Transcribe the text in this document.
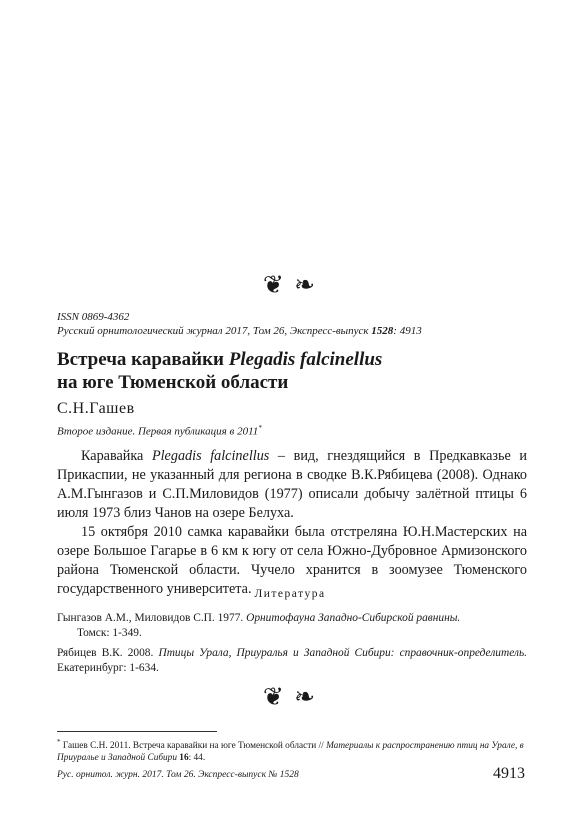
❦ ❧
ISSN 0869-4362
Русский орнитологический журнал 2017, Том 26, Экспресс-выпуск 1528: 4913
Встреча каравайки Plegadis falcinellus
на юге Тюменской области
С.Н.Гашев
Второе издание. Первая публикация в 2011*

Каравайка Plegadis falcinellus – вид, гнездящийся в Предкавказье и Прикаспии, не указанный для региона в сводке В.К.Рябицева (2008). Однако А.М.Гынгазов и С.П.Миловидов (1977) описали добычу залётной птицы 6 июля 1973 близ Чанов на озере Белуха.

15 октября 2010 самка каравайки была отстреляна Ю.Н.Мастерских на озере Большое Гагарье в 6 км к югу от села Южно-Дубровное Армизонского района Тюменской области. Чучело хранится в зоомузее Тюменского государственного университета. Литература

Гынгазов А.М., Миловидов С.П. 1977. Орнитофауна Западно-Сибирской равнины.
Томск: 1-349.

Рябицев В.К. 2008. Птицы Урала, Приуралья и Западной Сибири: справочник-определитель. Екатеринбург: 1-634.

❦ ❧
* Гашев С.Н. 2011. Встреча каравайки на юге Тюменской области // Материалы к распространению птиц на Урале, в Приуралье и Западной Сибири 16: 44.
Рус. орнитол. журн. 2017. Том 26. Экспресс-выпуск № 1528	4913
